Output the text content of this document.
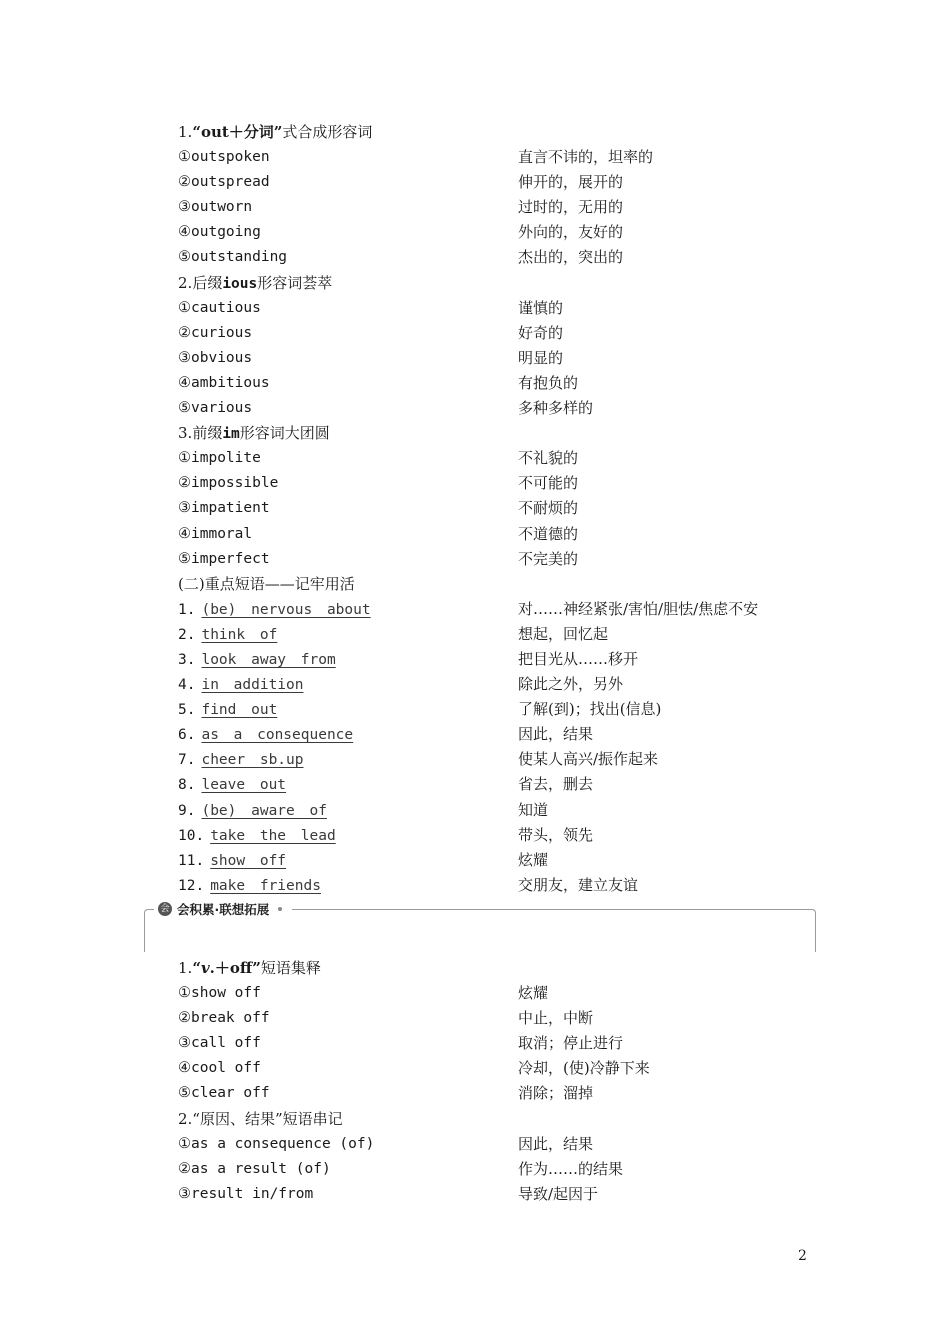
1.“out＋分词”式合成形容词
①outspoken	直言不讳的，坦率的
②outspread	伸开的，展开的
③outworn	过时的，无用的
④outgoing	外向的，友好的
⑤outstanding	杰出的，突出的
2.后缀ious形容词荟萃
①cautious	谨慎的
②curious	好奇的
③obvious	明显的
④ambitious	有抱负的
⑤various	多种多样的
3.前缀im形容词大团圆
①impolite	不礼貌的
②impossible	不可能的
③impatient	不耐烦的
④immoral	不道德的
⑤imperfect	不完美的
(二)重点短语——记牢用活
1. (be) nervous about	对……神经紧张/害怕/胆怯/焦虑不安
2. think of	想起，回忆起
3. look away from	把目光从……移开
4. in addition	除此之外，另外
5. find out	了解(到)；找出(信息)
6. as a consequence	因此，结果
7. cheer sb.up	使某人高兴/振作起来
8. leave out	省去，删去
9. (be) aware of	知道
10. take the lead	带头，领先
11. show off	炫耀
12. make friends	交朋友，建立友谊
会 会积累·联想拓展
1.“v.＋off”短语集释
①show off	炫耀
②break off	中止，中断
③call off	取消；停止进行
④cool off	冷却，(使)冷静下来
⑤clear off	消除；溜掉
2.“原因、结果”短语串记
①as a consequence (of)	因此，结果
②as a result (of)	作为……的结果
③result in/from	导致/起因于
2
